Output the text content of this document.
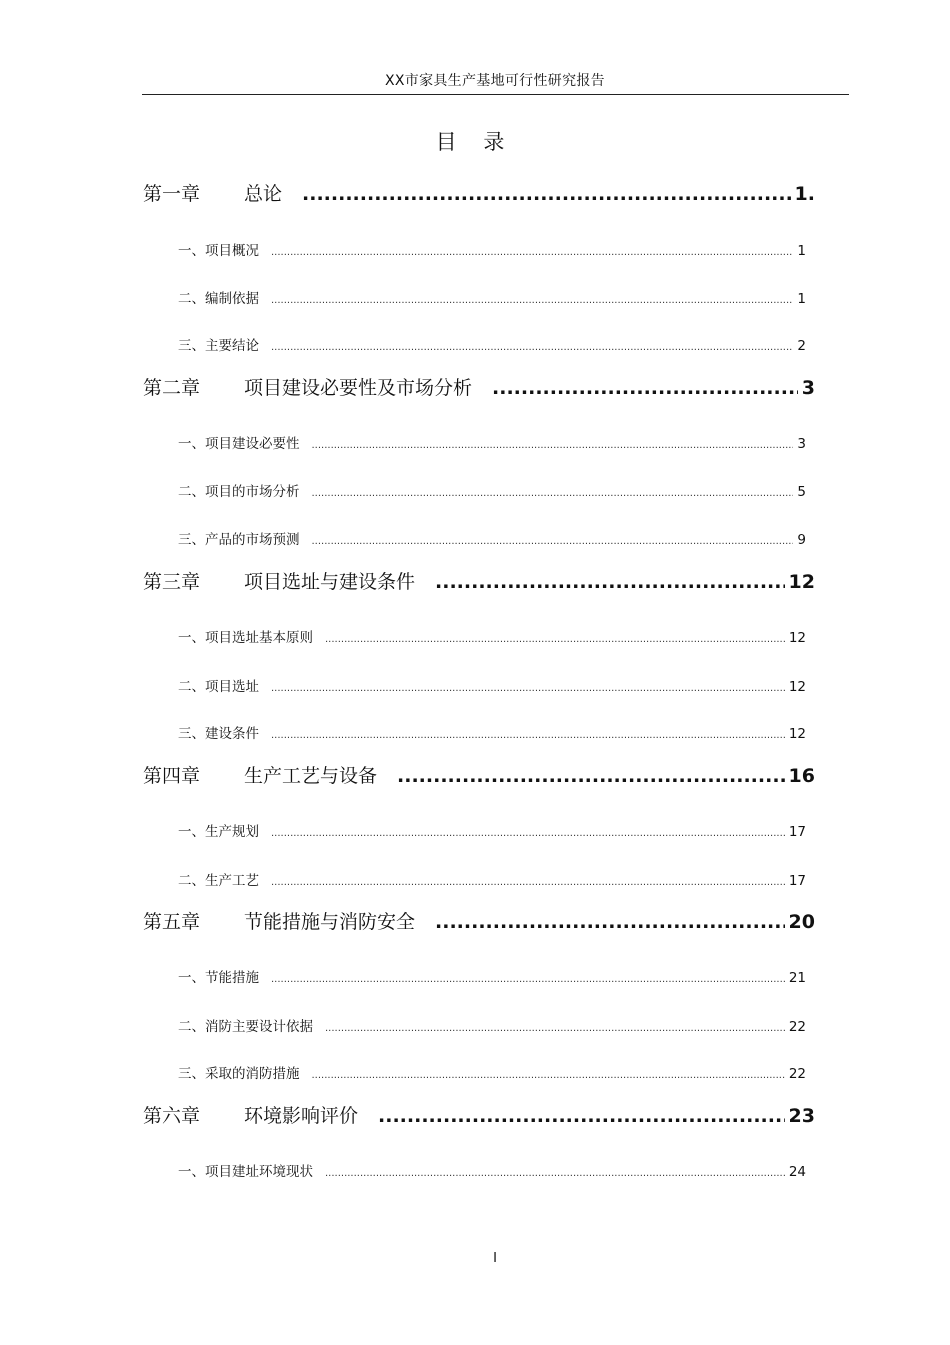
XX市家具生产基地可行性研究报告
目 录
第一章	总论 .....	1.
一、项目概况 .....	1
二、编制依据 .....	1
三、主要结论 .....	2
第二章	项目建设必要性及市场分析 .....	3
一、项目建设必要性 .....	3
二、项目的市场分析 .....	5
三、产品的市场预测 .....	9
第三章	项目选址与建设条件 .....	12
一、项目选址基本原则 .....	12
二、项目选址 .....	12
三、建设条件 .....	12
第四章	生产工艺与设备 .....	16
一、生产规划 .....	17
二、生产工艺 .....	17
第五章	节能措施与消防安全 .....	20
一、节能措施 .....	21
二、消防主要设计依据 .....	22
三、采取的消防措施 .....	22
第六章	环境影响评价 .....	23
一、项目建址环境现状 .....	24
I
